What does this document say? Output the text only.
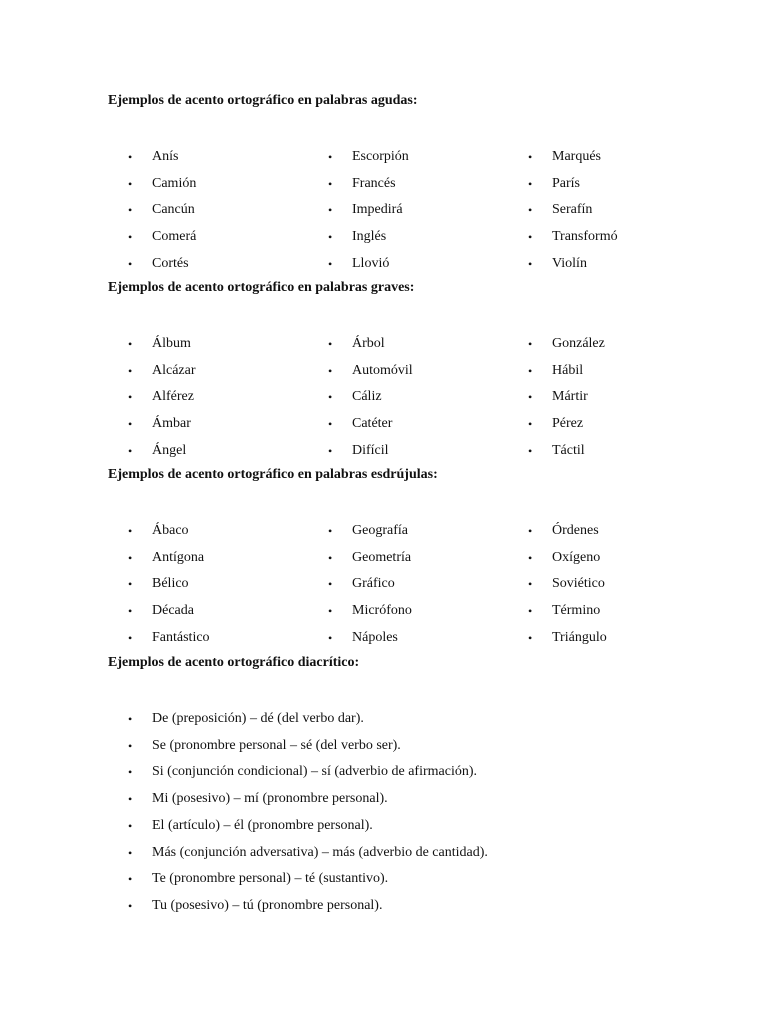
Ejemplos de acento ortográfico en palabras agudas:

• Anís
• Camión
• Cancún
• Comerá
• Cortés
• Escorpión
• Francés
• Impedirá
• Inglés
• Llovió
• Marqués
• París
• Serafín
• Transformó
• Violín

Ejemplos de acento ortográfico en palabras graves:

• Álbum
• Alcázar
• Alférez
• Ámbar
• Ángel
• Árbol
• Automóvil
• Cáliz
• Catéter
• Difícil
• González
• Hábil
• Mártir
• Pérez
• Táctil

Ejemplos de acento ortográfico en palabras esdrújulas:

• Ábaco
• Antígona
• Bélico
• Década
• Fantástico
• Geografía
• Geometría
• Gráfico
• Micrófono
• Nápoles
• Órdenes
• Oxígeno
• Soviético
• Término
• Triángulo

Ejemplos de acento ortográfico diacrítico:

• De (preposición) – dé (del verbo dar).
• Se (pronombre personal – sé (del verbo ser).
• Si (conjunción condicional) – sí (adverbio de afirmación).
• Mi (posesivo) – mí (pronombre personal).
• El (artículo) – él (pronombre personal).
• Más (conjunción adversativa) – más (adverbio de cantidad).
• Te (pronombre personal) – té (sustantivo).
• Tu (posesivo) – tú (pronombre personal).
